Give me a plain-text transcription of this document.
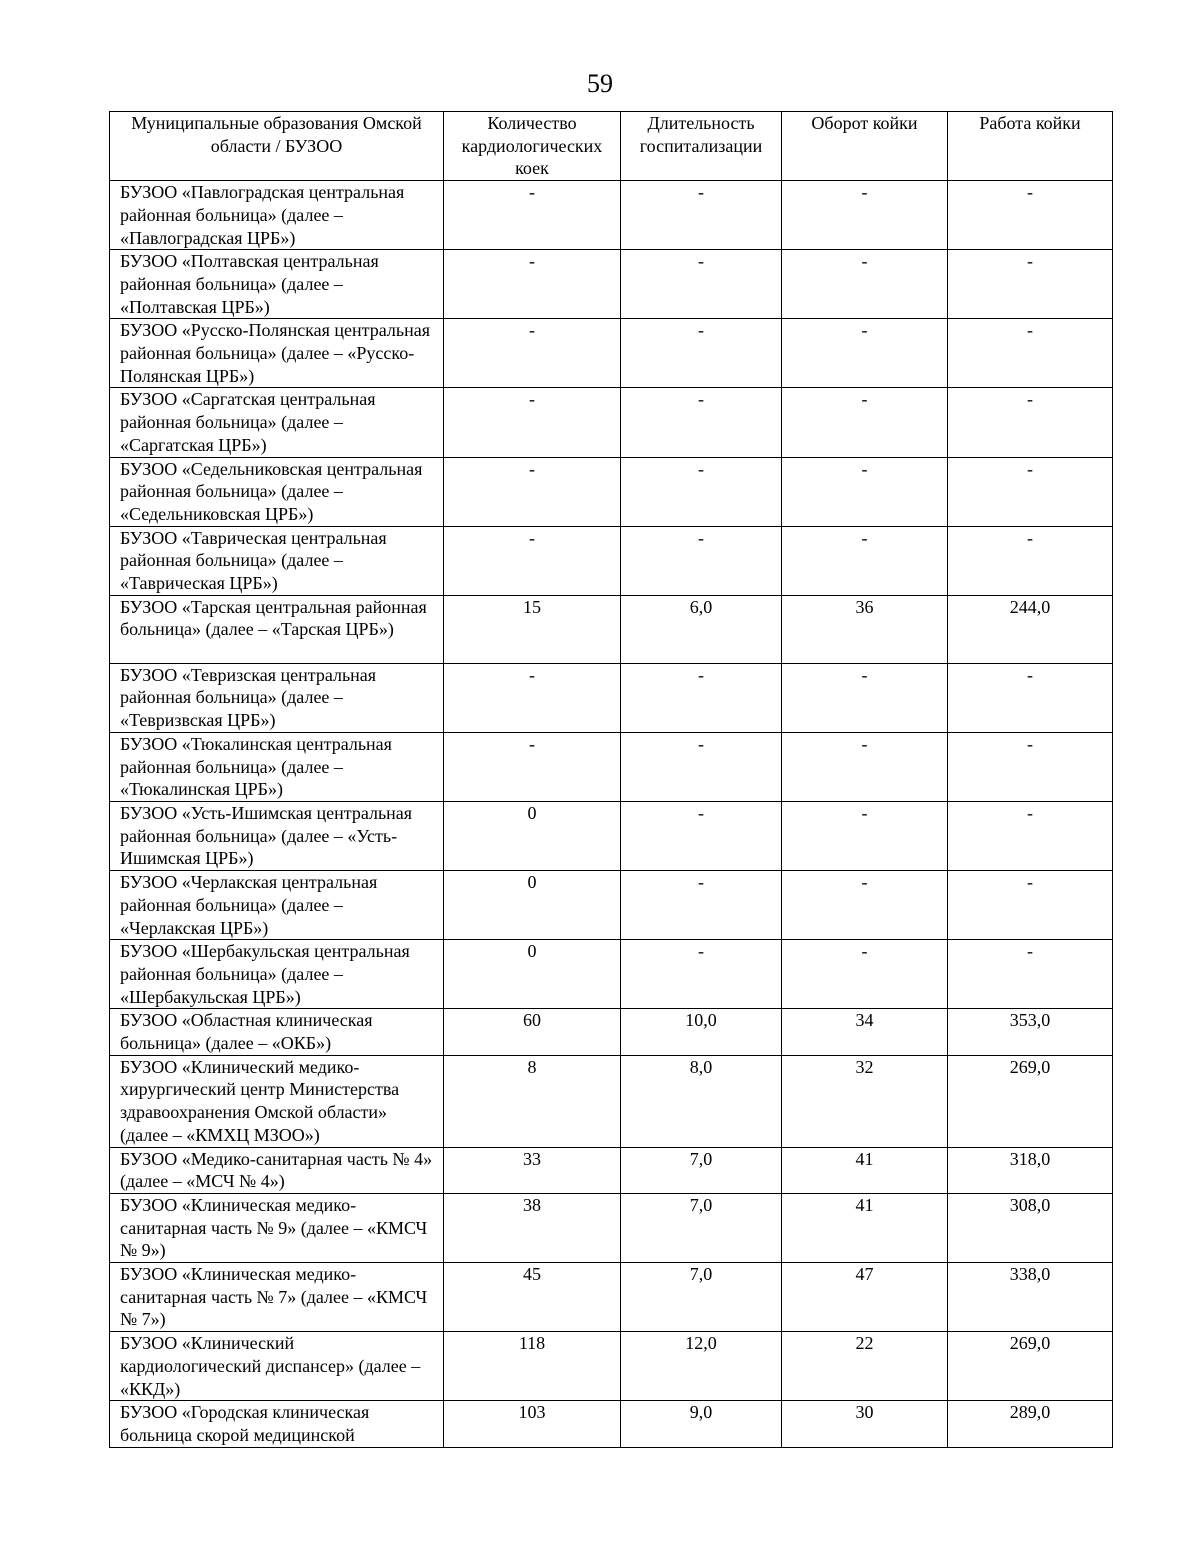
59
Муниципальные образования Омской области / БУЗОО	Количество кардиологических коек	Длительность госпитализации	Оборот койки	Работа койки
БУЗОО «Павлоградская центральная районная больница» (далее – «Павлоградская ЦРБ»)	-	-	-	-
БУЗОО «Полтавская центральная районная больница» (далее – «Полтавская ЦРБ»)	-	-	-	-
БУЗОО «Русско-Полянская центральная районная больница» (далее – «Русско-Полянская ЦРБ»)	-	-	-	-
БУЗОО «Саргатская центральная районная больница» (далее – «Саргатская ЦРБ»)	-	-	-	-
БУЗОО «Седельниковская центральная районная больница» (далее – «Седельниковская ЦРБ»)	-	-	-	-
БУЗОО «Таврическая центральная районная больница» (далее – «Таврическая ЦРБ»)	-	-	-	-
БУЗОО «Тарская центральная районная больница» (далее – «Тарская ЦРБ»)	15	6,0	36	244,0
БУЗОО «Тевризская центральная районная больница» (далее – «Тевризвская ЦРБ»)	-	-	-	-
БУЗОО «Тюкалинская центральная районная больница» (далее – «Тюкалинская ЦРБ»)	-	-	-	-
БУЗОО «Усть-Ишимская центральная районная больница» (далее – «Усть-Ишимская ЦРБ»)	0	-	-	-
БУЗОО «Черлакская центральная районная больница» (далее – «Черлакская ЦРБ»)	0	-	-	-
БУЗОО «Шербакульская центральная районная больница» (далее – «Шербакульская ЦРБ»)	0	-	-	-
БУЗОО «Областная клиническая больница» (далее – «ОКБ»)	60	10,0	34	353,0
БУЗОО «Клинический медико-хирургический центр Министерства здравоохранения Омской области» (далее – «КМХЦ МЗОО»)	8	8,0	32	269,0
БУЗОО «Медико-санитарная часть № 4» (далее – «МСЧ № 4»)	33	7,0	41	318,0
БУЗОО «Клиническая медико-санитарная часть № 9» (далее – «КМСЧ № 9»)	38	7,0	41	308,0
БУЗОО «Клиническая медико-санитарная часть № 7» (далее – «КМСЧ № 7»)	45	7,0	47	338,0
БУЗОО «Клинический кардиологический диспансер» (далее – «ККД»)	118	12,0	22	269,0
БУЗОО «Городская клиническая больница скорой медицинской	103	9,0	30	289,0
